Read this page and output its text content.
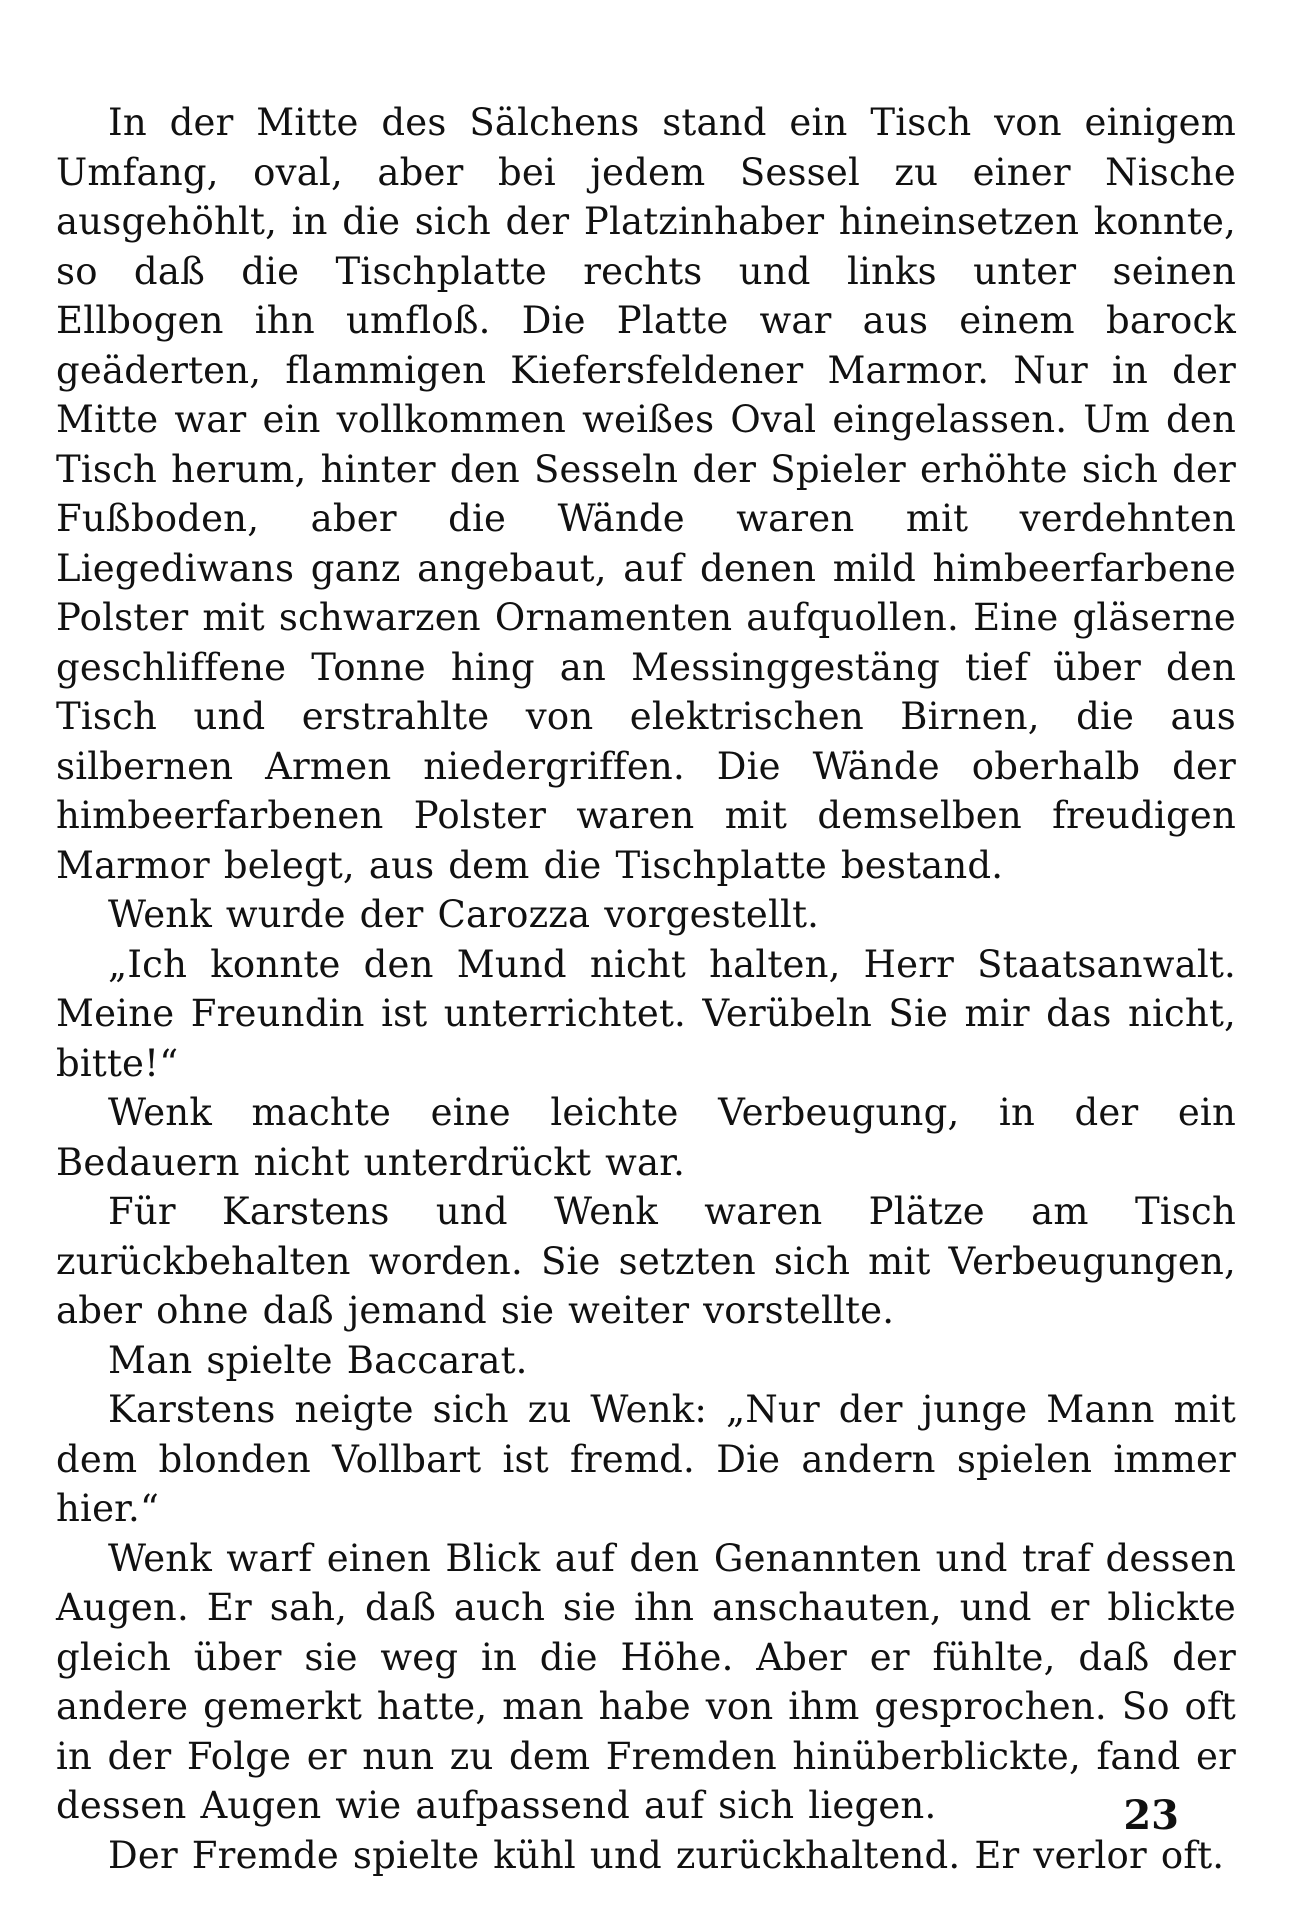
In der Mitte des Sälchens stand ein Tisch von einigem Umfang, oval, aber bei jedem Sessel zu einer Nische ausgehöhlt, in die sich der Platzinhaber hineinsetzen konnte, so daß die Tischplatte rechts und links unter seinen Ellbogen ihn umfloß. Die Platte war aus einem barock geäderten, flammigen Kiefersfeldener Marmor. Nur in der Mitte war ein vollkommen weißes Oval eingelassen. Um den Tisch herum, hinter den Sesseln der Spieler erhöhte sich der Fußboden, aber die Wände waren mit verdehnten Liegediwans ganz angebaut, auf denen mild himbeerfarbene Polster mit schwarzen Ornamenten aufquollen. Eine gläserne geschliffene Tonne hing an Messinggestäng tief über den Tisch und erstrahlte von elektrischen Birnen, die aus silbernen Armen niedergriffen. Die Wände oberhalb der himbeerfarbenen Polster waren mit demselben freudigen Marmor belegt, aus dem die Tischplatte bestand.

Wenk wurde der Carozza vorgestellt.

„Ich konnte den Mund nicht halten, Herr Staatsanwalt. Meine Freundin ist unterrichtet. Verübeln Sie mir das nicht, bitte!“

Wenk machte eine leichte Verbeugung, in der ein Bedauern nicht unterdrückt war.

Für Karstens und Wenk waren Plätze am Tisch zurückbehalten worden. Sie setzten sich mit Verbeugungen, aber ohne daß jemand sie weiter vorstellte.

Man spielte Baccarat.

Karstens neigte sich zu Wenk: „Nur der junge Mann mit dem blonden Vollbart ist fremd. Die andern spielen immer hier.“

Wenk warf einen Blick auf den Genannten und traf dessen Augen. Er sah, daß auch sie ihn anschauten, und er blickte gleich über sie weg in die Höhe. Aber er fühlte, daß der andere gemerkt hatte, man habe von ihm gesprochen. So oft in der Folge er nun zu dem Fremden hinüberblickte, fand er dessen Augen wie aufpassend auf sich liegen.

Der Fremde spielte kühl und zurückhaltend. Er verlor oft.

23
